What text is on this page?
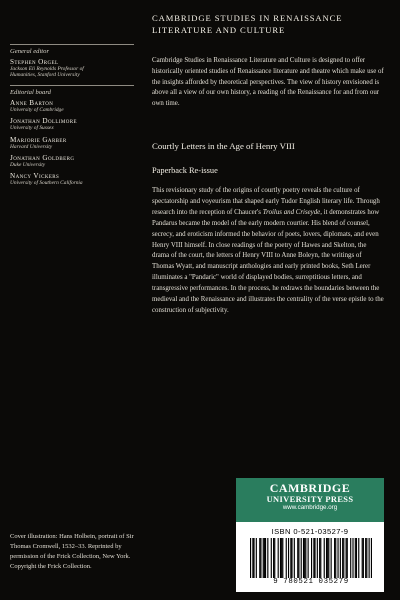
CAMBRIDGE STUDIES IN RENAISSANCE
LITERATURE AND CULTURE
General editor
Stephen Orgel
Jackson Eli Reynolds Professor of
Humanities, Stanford University
Editorial board
Anne Barton
University of Cambridge
Jonathan Dollimore
University of Sussex
Marjorie Garber
Harvard University
Jonathan Goldberg
Duke University
Nancy Vickers
University of Southern California
Cambridge Studies in Renaissance Literature and Culture is designed to offer historically oriented studies of Renaissance literature and theatre which make use of the insights afforded by theoretical perspectives. The view of history envisioned is above all a view of our own history, a reading of the Renaissance for and from our own time.
Courtly Letters in the Age of Henry VIII
Paperback Re-issue

This revisionary study of the origins of courtly poetry reveals the culture of spectatorship and voyeurism that shaped early Tudor English literary life. Through research into the reception of Chaucer's Troilus and Criseyde, it demonstrates how Pandarus became the model of the early modern courtier. His blend of counsel, secrecy, and eroticism informed the behavior of poets, lovers, diplomats, and even Henry VIII himself. In close readings of the poetry of Hawes and Skelton, the drama of the court, the letters of Henry VIII to Anne Boleyn, the writings of Thomas Wyatt, and manuscript anthologies and early printed books, Seth Lerer illuminates a "Pandaric" world of displayed bodies, surreptitious letters, and transgressive performances. In the process, he redraws the boundaries between the medieval and the Renaissance and illustrates the centrality of the verse epistle to the construction of subjectivity.

Cover illustration: Hans Holbein, portrait of Sir Thomas Cromwell, 1532–33. Reprinted by permission of the Frick Collection, New York. Copyright the Frick Collection.
CAMBRIDGE
UNIVERSITY PRESS
www.cambridge.org
ISBN 0-521-03527-9
9 780521 035279
